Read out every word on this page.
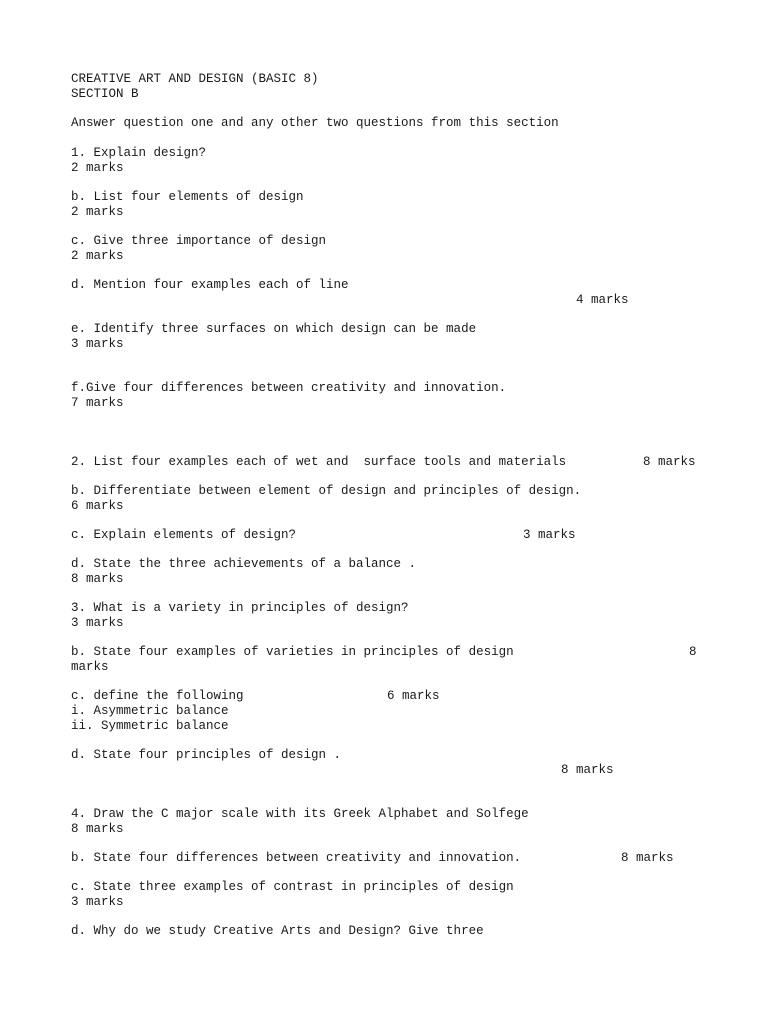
CREATIVE ART AND DESIGN (BASIC 8)
SECTION B
Answer question one and any other two questions from this section
1. Explain design?
2 marks
b. List four elements of design
2 marks
c. Give three importance of design
2 marks
d. Mention four examples each of line
4 marks
e. Identify three surfaces on which design can be made
3 marks
f.Give four differences between creativity and innovation.
7 marks
2. List four examples each of wet and  surface tools and materials	8 marks
b. Differentiate between element of design and principles of design.
6 marks
c. Explain elements of design?	3 marks
d. State the three achievements of a balance .
8 marks
3. What is a variety in principles of design?
3 marks
b. State four examples of varieties in principles of design	8
marks
c. define the following	6 marks
i. Asymmetric balance
ii. Symmetric balance
d. State four principles of design .
8 marks
4. Draw the C major scale with its Greek Alphabet and Solfege
8 marks
b. State four differences between creativity and innovation.	8 marks
c. State three examples of contrast in principles of design
3 marks
d. Why do we study Creative Arts and Design? Give three
